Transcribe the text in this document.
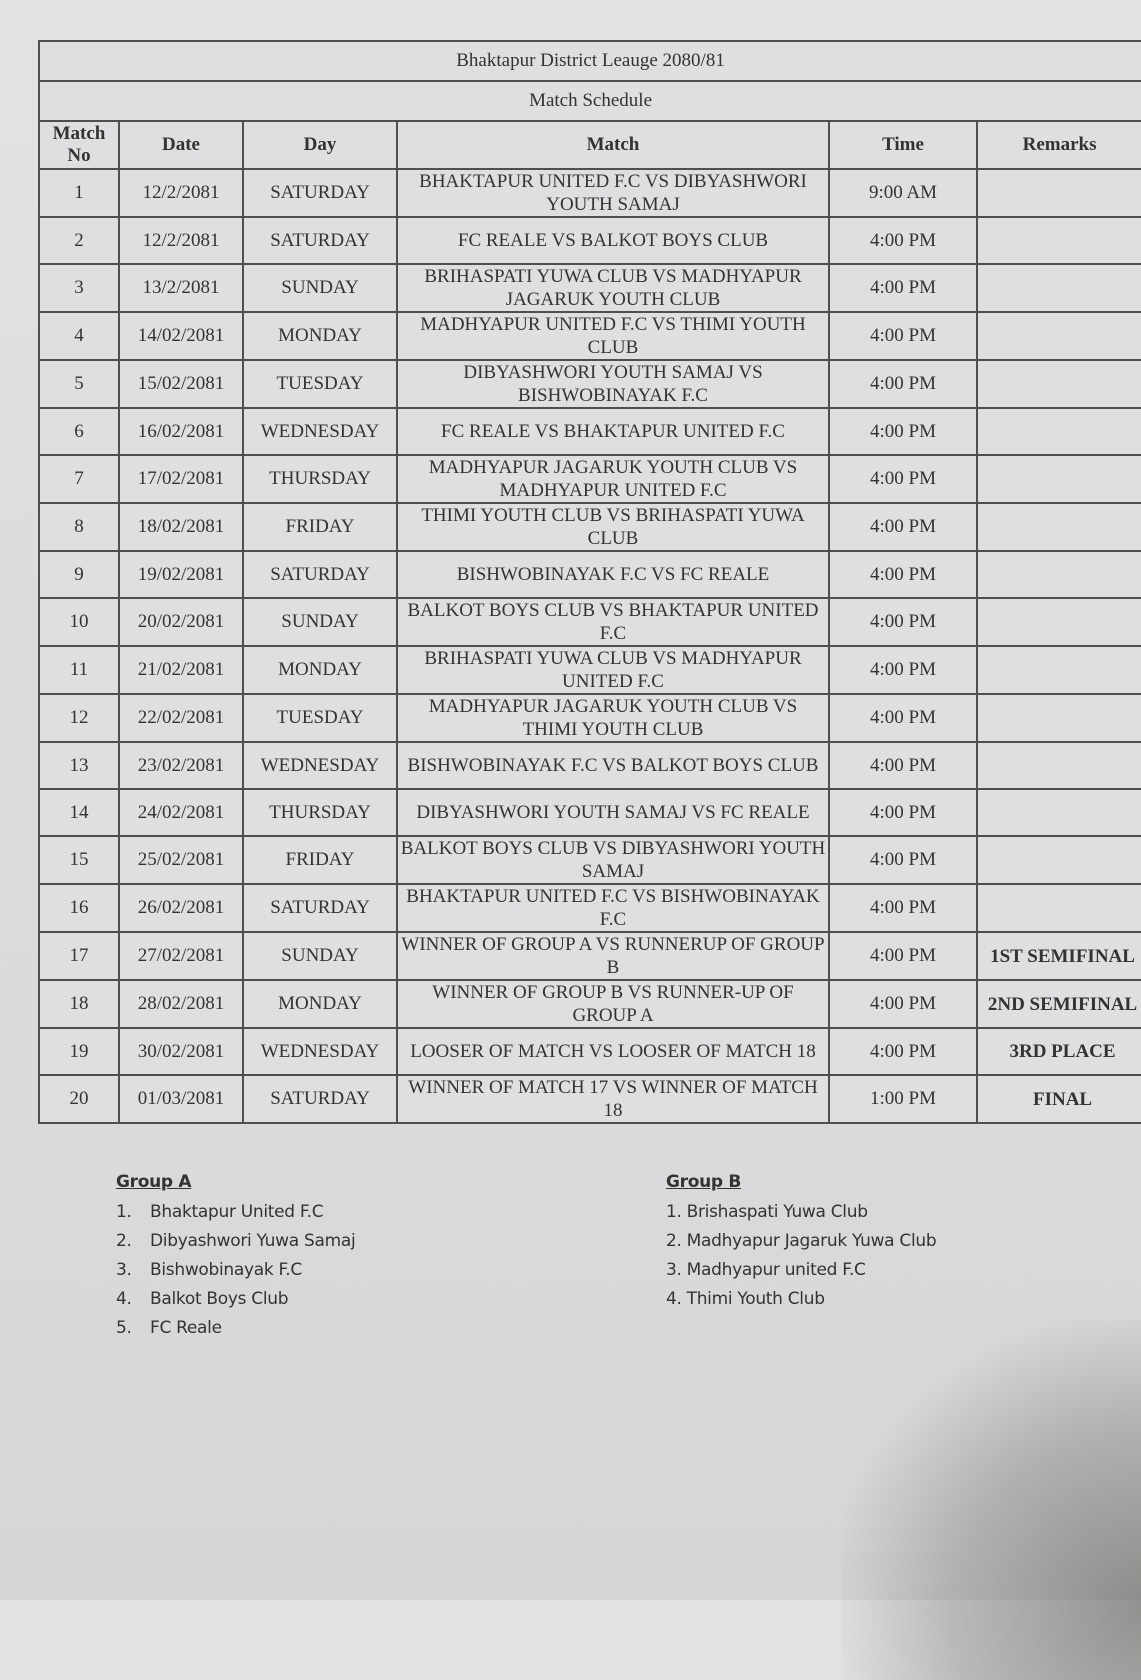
Bhaktapur District Leauge 2080/81					
Match Schedule					
Match No	Date	Day	Match	Time	Remarks
1	12/2/2081	SATURDAY	BHAKTAPUR UNITED F.C VS DIBYASHWORI YOUTH SAMAJ	9:00 AM	
2	12/2/2081	SATURDAY	FC REALE VS BALKOT BOYS CLUB	4:00 PM	
3	13/2/2081	SUNDAY	BRIHASPATI YUWA CLUB VS MADHYAPUR JAGARUK YOUTH CLUB	4:00 PM	
4	14/02/2081	MONDAY	MADHYAPUR UNITED F.C VS THIMI YOUTH CLUB	4:00 PM	
5	15/02/2081	TUESDAY	DIBYASHWORI YOUTH SAMAJ VS BISHWOBINAYAK F.C	4:00 PM	
6	16/02/2081	WEDNESDAY	FC REALE VS BHAKTAPUR UNITED F.C	4:00 PM	
7	17/02/2081	THURSDAY	MADHYAPUR JAGARUK YOUTH CLUB VS MADHYAPUR UNITED F.C	4:00 PM	
8	18/02/2081	FRIDAY	THIMI YOUTH CLUB VS BRIHASPATI YUWA CLUB	4:00 PM	
9	19/02/2081	SATURDAY	BISHWOBINAYAK F.C VS FC REALE	4:00 PM	
10	20/02/2081	SUNDAY	BALKOT BOYS CLUB VS BHAKTAPUR UNITED F.C	4:00 PM	
11	21/02/2081	MONDAY	BRIHASPATI YUWA CLUB VS MADHYAPUR UNITED F.C	4:00 PM	
12	22/02/2081	TUESDAY	MADHYAPUR JAGARUK YOUTH CLUB VS THIMI YOUTH CLUB	4:00 PM	
13	23/02/2081	WEDNESDAY	BISHWOBINAYAK F.C VS BALKOT BOYS CLUB	4:00 PM	
14	24/02/2081	THURSDAY	DIBYASHWORI YOUTH SAMAJ VS FC REALE	4:00 PM	
15	25/02/2081	FRIDAY	BALKOT BOYS CLUB VS DIBYASHWORI YOUTH SAMAJ	4:00 PM	
16	26/02/2081	SATURDAY	BHAKTAPUR UNITED F.C VS BISHWOBINAYAK F.C	4:00 PM	
17	27/02/2081	SUNDAY	WINNER OF GROUP A VS RUNNERUP OF GROUP B	4:00 PM	1ST SEMIFINAL
18	28/02/2081	MONDAY	WINNER OF GROUP B VS RUNNER-UP OF GROUP A	4:00 PM	2ND SEMIFINAL
19	30/02/2081	WEDNESDAY	LOOSER OF MATCH VS LOOSER OF MATCH 18	4:00 PM	3RD PLACE
20	01/03/2081	SATURDAY	WINNER OF MATCH 17 VS WINNER OF MATCH 18	1:00 PM	FINAL
Group A
1. Bhaktapur United F.C
2. Dibyashwori Yuwa Samaj
3. Bishwobinayak F.C
4. Balkot Boys Club
5. FC Reale
Group B
1. Brishaspati Yuwa Club
2. Madhyapur Jagaruk Yuwa Club
3. Madhyapur united F.C
4. Thimi Youth Club
